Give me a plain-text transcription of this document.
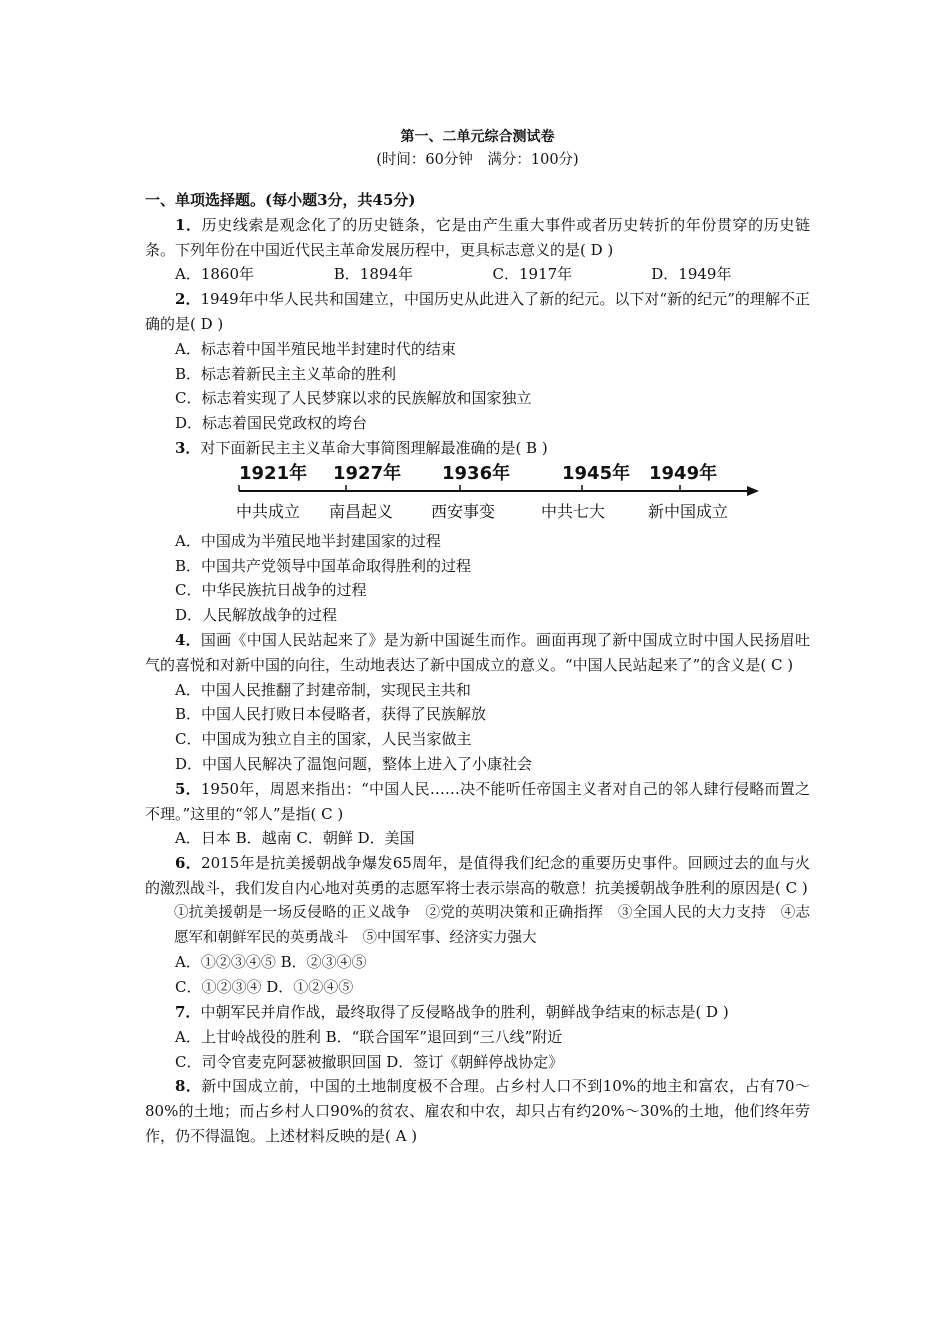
第一、二单元综合测试卷
(时间：60分钟　满分：100分)
一、单项选择题。(每小题3分，共45分)
1．历史线索是观念化了的历史链条，它是由产生重大事件或者历史转折的年份贯穿的历史链条。下列年份在中国近代民主革命发展历程中，更具标志意义的是( D )
A．1860年	B．1894年	C．1917年	D．1949年
2．1949年中华人民共和国建立，中国历史从此进入了新的纪元。以下对“新的纪元”的理解不正确的是( D )
A．标志着中国半殖民地半封建时代的结束
B．标志着新民主主义革命的胜利
C．标志着实现了人民梦寐以求的民族解放和国家独立
D．标志着国民党政权的垮台
3．对下面新民主主义革命大事简图理解最准确的是( B )
1921年 1927年 1936年	1945年 1949年
中共成立 南昌起义 西安事变	中共七大	新中国成立
A．中国成为半殖民地半封建国家的过程
B．中国共产党领导中国革命取得胜利的过程
C．中华民族抗日战争的过程
D．人民解放战争的过程
4．国画《中国人民站起来了》是为新中国诞生而作。画面再现了新中国成立时中国人民扬眉吐气的喜悦和对新中国的向往，生动地表达了新中国成立的意义。“中国人民站起来了”的含义是( C )
A．中国人民推翻了封建帝制，实现民主共和
B．中国人民打败日本侵略者，获得了民族解放
C．中国成为独立自主的国家，人民当家做主
D．中国人民解决了温饱问题，整体上进入了小康社会
5．1950年，周恩来指出：“中国人民……决不能听任帝国主义者对自己的邻人肆行侵略而置之不理。”这里的“邻人”是指( C )
A．日本 B．越南 C．朝鲜 D．美国
6．2015年是抗美援朝战争爆发65周年，是值得我们纪念的重要历史事件。回顾过去的血与火的激烈战斗，我们发自内心地对英勇的志愿军将士表示崇高的敬意！抗美援朝战争胜利的原因是( C )
①抗美援朝是一场反侵略的正义战争　②党的英明决策和正确指挥　③全国人民的大力支持　④志愿军和朝鲜军民的英勇战斗　⑤中国军事、经济实力强大
A．①②③④⑤ B．②③④⑤
C．①②③④ D．①②④⑤
7．中朝军民并肩作战，最终取得了反侵略战争的胜利，朝鲜战争结束的标志是( D )
A．上甘岭战役的胜利 B．“联合国军”退回到“三八线”附近
C．司令官麦克阿瑟被撤职回国 D．签订《朝鲜停战协定》
8．新中国成立前，中国的土地制度极不合理。占乡村人口不到10%的地主和富农，占有70～80%的土地；而占乡村人口90%的贫农、雇农和中农，却只占有约20%～30%的土地，他们终年劳作，仍不得温饱。上述材料反映的是( A )
